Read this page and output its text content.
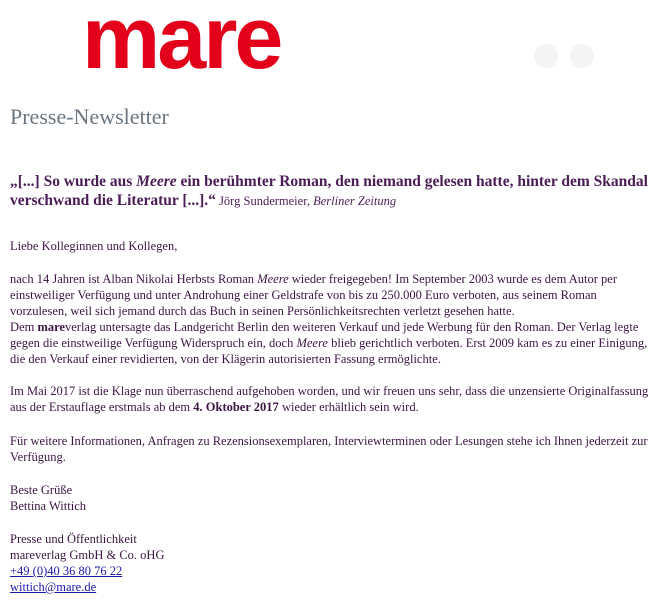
mare
Presse-Newsletter
„[...] So wurde aus Meere ein berühmter Roman, den niemand gelesen hatte, hinter dem Skandal verschwand die Literatur [...].“ Jörg Sundermeier, Berliner Zeitung

Liebe Kolleginnen und Kollegen,

nach 14 Jahren ist Alban Nikolai Herbsts Roman Meere wieder freigegeben! Im September 2003 wurde es dem Autor per einstweiliger Verfügung und unter Androhung einer Geldstrafe von bis zu 250.000 Euro verboten, aus seinem Roman vorzulesen, weil sich jemand durch das Buch in seinen Persönlichkeitsrechten verletzt gesehen hatte.

Dem mareverlag untersagte das Landgericht Berlin den weiteren Verkauf und jede Werbung für den Roman. Der Verlag legte gegen die einstweilige Verfügung Widerspruch ein, doch Meere blieb gerichtlich verboten. Erst 2009 kam es zu einer Einigung, die den Verkauf einer revidierten, von der Klägerin autorisierten Fassung ermöglichte.

Im Mai 2017 ist die Klage nun überraschend aufgehoben worden, und wir freuen uns sehr, dass die unzensierte Originalfassung aus der Erstauflage erstmals ab dem 4. Oktober 2017 wieder erhältlich sein wird.

Für weitere Informationen, Anfragen zu Rezensionsexemplaren, Interviewterminen oder Lesungen stehe ich Ihnen jederzeit zur Verfügung.

Beste Grüße

Bettina Wittich

Presse und Öffentlichkeit

mareverlag GmbH & Co. oHG

+49 (0)40 36 80 76 22

wittich@mare.de
